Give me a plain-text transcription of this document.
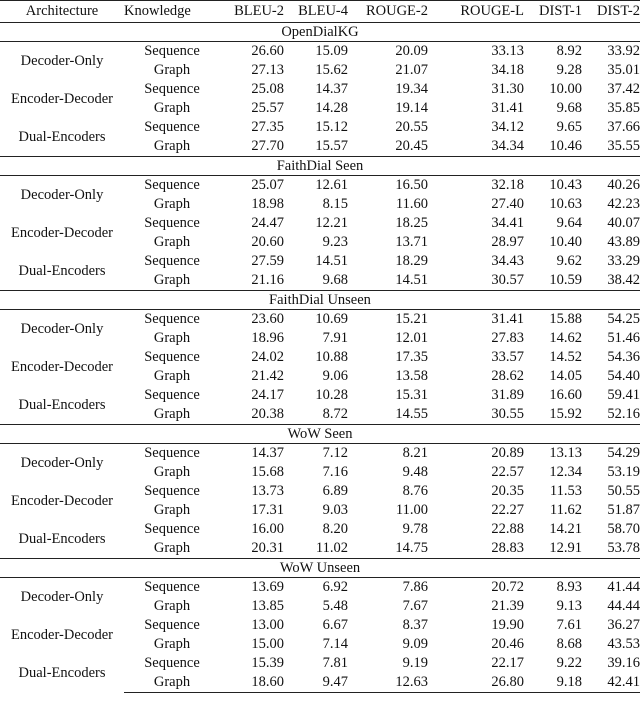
Architecture	Knowledge	BLEU-2	BLEU-4	ROUGE-2	ROUGE-L	DIST-1	DIST-2
OpenDialKG							
Decoder-Only	Sequence	26.60	15.09	20.09	33.13	8.92	33.92
	Graph	27.13	15.62	21.07	34.18	9.28	35.01
Encoder-Decoder	Sequence	25.08	14.37	19.34	31.30	10.00	37.42
	Graph	25.57	14.28	19.14	31.41	9.68	35.85
Dual-Encoders	Sequence	27.35	15.12	20.55	34.12	9.65	37.66
	Graph	27.70	15.57	20.45	34.34	10.46	35.55
FaithDial Seen							
Decoder-Only	Sequence	25.07	12.61	16.50	32.18	10.43	40.26
	Graph	18.98	8.15	11.60	27.40	10.63	42.23
Encoder-Decoder	Sequence	24.47	12.21	18.25	34.41	9.64	40.07
	Graph	20.60	9.23	13.71	28.97	10.40	43.89
Dual-Encoders	Sequence	27.59	14.51	18.29	34.43	9.62	33.29
	Graph	21.16	9.68	14.51	30.57	10.59	38.42
FaithDial Unseen							
Decoder-Only	Sequence	23.60	10.69	15.21	31.41	15.88	54.25
	Graph	18.96	7.91	12.01	27.83	14.62	51.46
Encoder-Decoder	Sequence	24.02	10.88	17.35	33.57	14.52	54.36
	Graph	21.42	9.06	13.58	28.62	14.05	54.40
Dual-Encoders	Sequence	24.17	10.28	15.31	31.89	16.60	59.41
	Graph	20.38	8.72	14.55	30.55	15.92	52.16
WoW Seen							
Decoder-Only	Sequence	14.37	7.12	8.21	20.89	13.13	54.29
	Graph	15.68	7.16	9.48	22.57	12.34	53.19
Encoder-Decoder	Sequence	13.73	6.89	8.76	20.35	11.53	50.55
	Graph	17.31	9.03	11.00	22.27	11.62	51.87
Dual-Encoders	Sequence	16.00	8.20	9.78	22.88	14.21	58.70
	Graph	20.31	11.02	14.75	28.83	12.91	53.78
WoW Unseen							
Decoder-Only	Sequence	13.69	6.92	7.86	20.72	8.93	41.44
	Graph	13.85	5.48	7.67	21.39	9.13	44.44
Encoder-Decoder	Sequence	13.00	6.67	8.37	19.90	7.61	36.27
	Graph	15.00	7.14	9.09	20.46	8.68	43.53
Dual-Encoders	Sequence	15.39	7.81	9.19	22.17	9.22	39.16
	Graph	18.60	9.47	12.63	26.80	9.18	42.41
